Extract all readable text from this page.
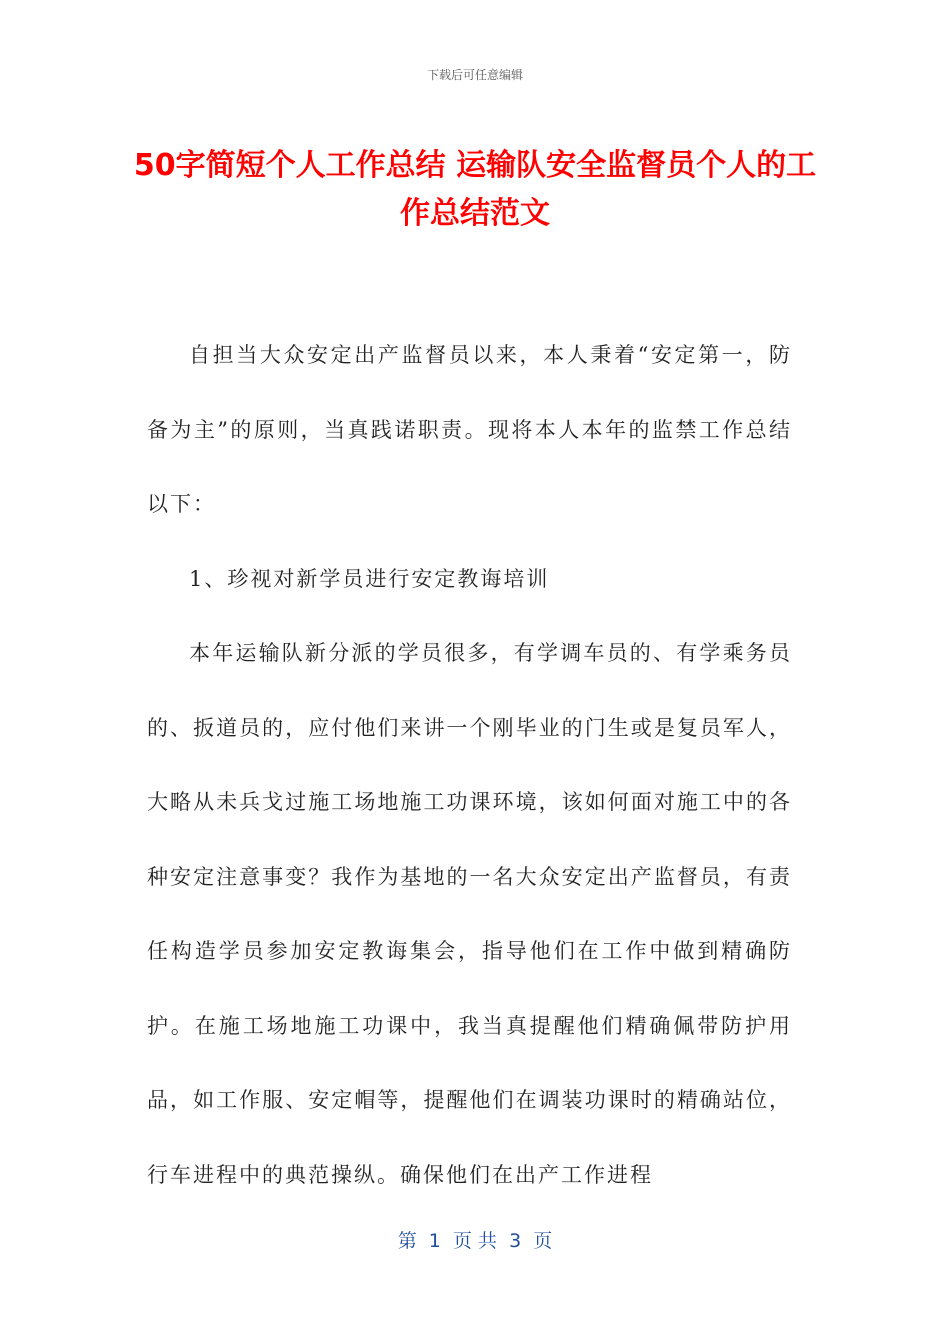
下载后可任意编辑
50字简短个人工作总结 运输队安全监督员个人的工作总结范文

自担当大众安定出产监督员以来，本人秉着“安定第一，防备为主”的原则，当真践诺职责。现将本人本年的监禁工作总结以下：

1、珍视对新学员进行安定教诲培训

本年运输队新分派的学员很多，有学调车员的、有学乘务员的、扳道员的，应付他们来讲一个刚毕业的门生或是复员军人，大略从未兵戈过施工场地施工功课环境，该如何面对施工中的各种安定注意事变？我作为基地的一名大众安定出产监督员，有责任构造学员参加安定教诲集会，指导他们在工作中做到精确防护。在施工场地施工功课中，我当真提醒他们精确佩带防护用品，如工作服、安定帽等，提醒他们在调装功课时的精确站位，行车进程中的典范操纵。确保他们在出产工作进程

第  1  页 共  3  页
